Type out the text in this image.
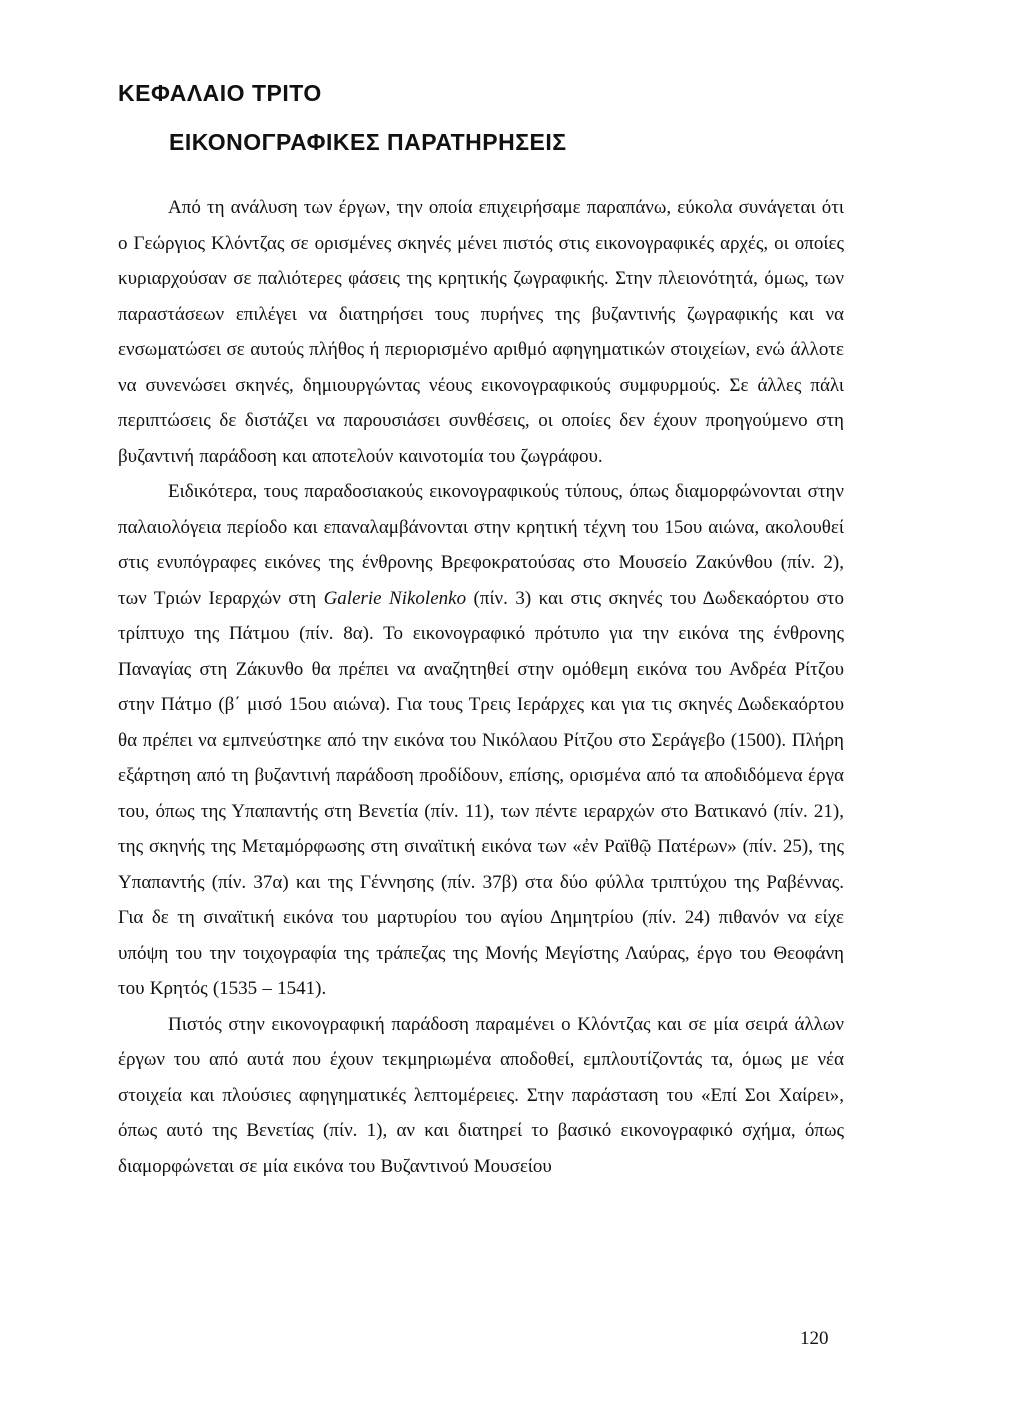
ΚΕΦΑΛΑΙΟ ΤΡΙΤΟ
ΕΙΚΟΝΟΓΡΑΦΙΚΕΣ ΠΑΡΑΤΗΡΗΣΕΙΣ

Από τη ανάλυση των έργων, την οποία επιχειρήσαμε παραπάνω, εύκολα συνάγεται ότι ο Γεώργιος Κλόντζας σε ορισμένες σκηνές μένει πιστός στις εικονογραφικές αρχές, οι οποίες κυριαρχούσαν σε παλιότερες φάσεις της κρητικής ζωγραφικής. Στην πλειονότητά, όμως, των παραστάσεων επιλέγει να διατηρήσει τους πυρήνες της βυζαντινής ζωγραφικής και να ενσωματώσει σε αυτούς πλήθος ή περιορισμένο αριθμό αφηγηματικών στοιχείων, ενώ άλλοτε να συνενώσει σκηνές, δημιουργώντας νέους εικονογραφικούς συμφυρμούς. Σε άλλες πάλι περιπτώσεις δε διστάζει να παρουσιάσει συνθέσεις, οι οποίες δεν έχουν προηγούμενο στη βυζαντινή παράδοση και αποτελούν καινοτομία του ζωγράφου.

Ειδικότερα, τους παραδοσιακούς εικονογραφικούς τύπους, όπως διαμορφώνονται στην παλαιολόγεια περίοδο και επαναλαμβάνονται στην κρητική τέχνη του 15ου αιώνα, ακολουθεί στις ενυπόγραφες εικόνες της ένθρονης Βρεφοκρατούσας στο Μουσείο Ζακύνθου (πίν. 2), των Τριών Ιεραρχών στη Galerie Nikolenko (πίν. 3) και στις σκηνές του Δωδεκαόρτου στο τρίπτυχο της Πάτμου (πίν. 8α). Το εικονογραφικό πρότυπο για την εικόνα της ένθρονης Παναγίας στη Ζάκυνθο θα πρέπει να αναζητηθεί στην ομόθεμη εικόνα του Ανδρέα Ρίτζου στην Πάτμο (β΄ μισό 15ου αιώνα). Για τους Τρεις Ιεράρχες και για τις σκηνές Δωδεκαόρτου θα πρέπει να εμπνεύστηκε από την εικόνα του Νικόλαου Ρίτζου στο Σεράγεβο (1500). Πλήρη εξάρτηση από τη βυζαντινή παράδοση προδίδουν, επίσης, ορισμένα από τα αποδιδόμενα έργα του, όπως της Υπαπαντής στη Βενετία (πίν. 11), των πέντε ιεραρχών στο Βατικανό (πίν. 21), της σκηνής της Μεταμόρφωσης στη σιναϊτική εικόνα των «ἐν Ραϊθῷ Πατέρων» (πίν. 25), της Υπαπαντής (πίν. 37α) και της Γέννησης (πίν. 37β) στα δύο φύλλα τριπτύχου της Ραβέννας. Για δε τη σιναϊτική εικόνα του μαρτυρίου του αγίου Δημητρίου (πίν. 24) πιθανόν να είχε υπόψη του την τοιχογραφία της τράπεζας της Μονής Μεγίστης Λαύρας, έργο του Θεοφάνη του Κρητός (1535 – 1541).

Πιστός στην εικονογραφική παράδοση παραμένει ο Κλόντζας και σε μία σειρά άλλων έργων του από αυτά που έχουν τεκμηριωμένα αποδοθεί, εμπλουτίζοντάς τα, όμως με νέα στοιχεία και πλούσιες αφηγηματικές λεπτομέρειες. Στην παράσταση του «Επί Σοι Χαίρει», όπως αυτό της Βενετίας (πίν. 1), αν και διατηρεί το βασικό εικονογραφικό σχήμα, όπως διαμορφώνεται σε μία εικόνα του Βυζαντινού Μουσείου

120
